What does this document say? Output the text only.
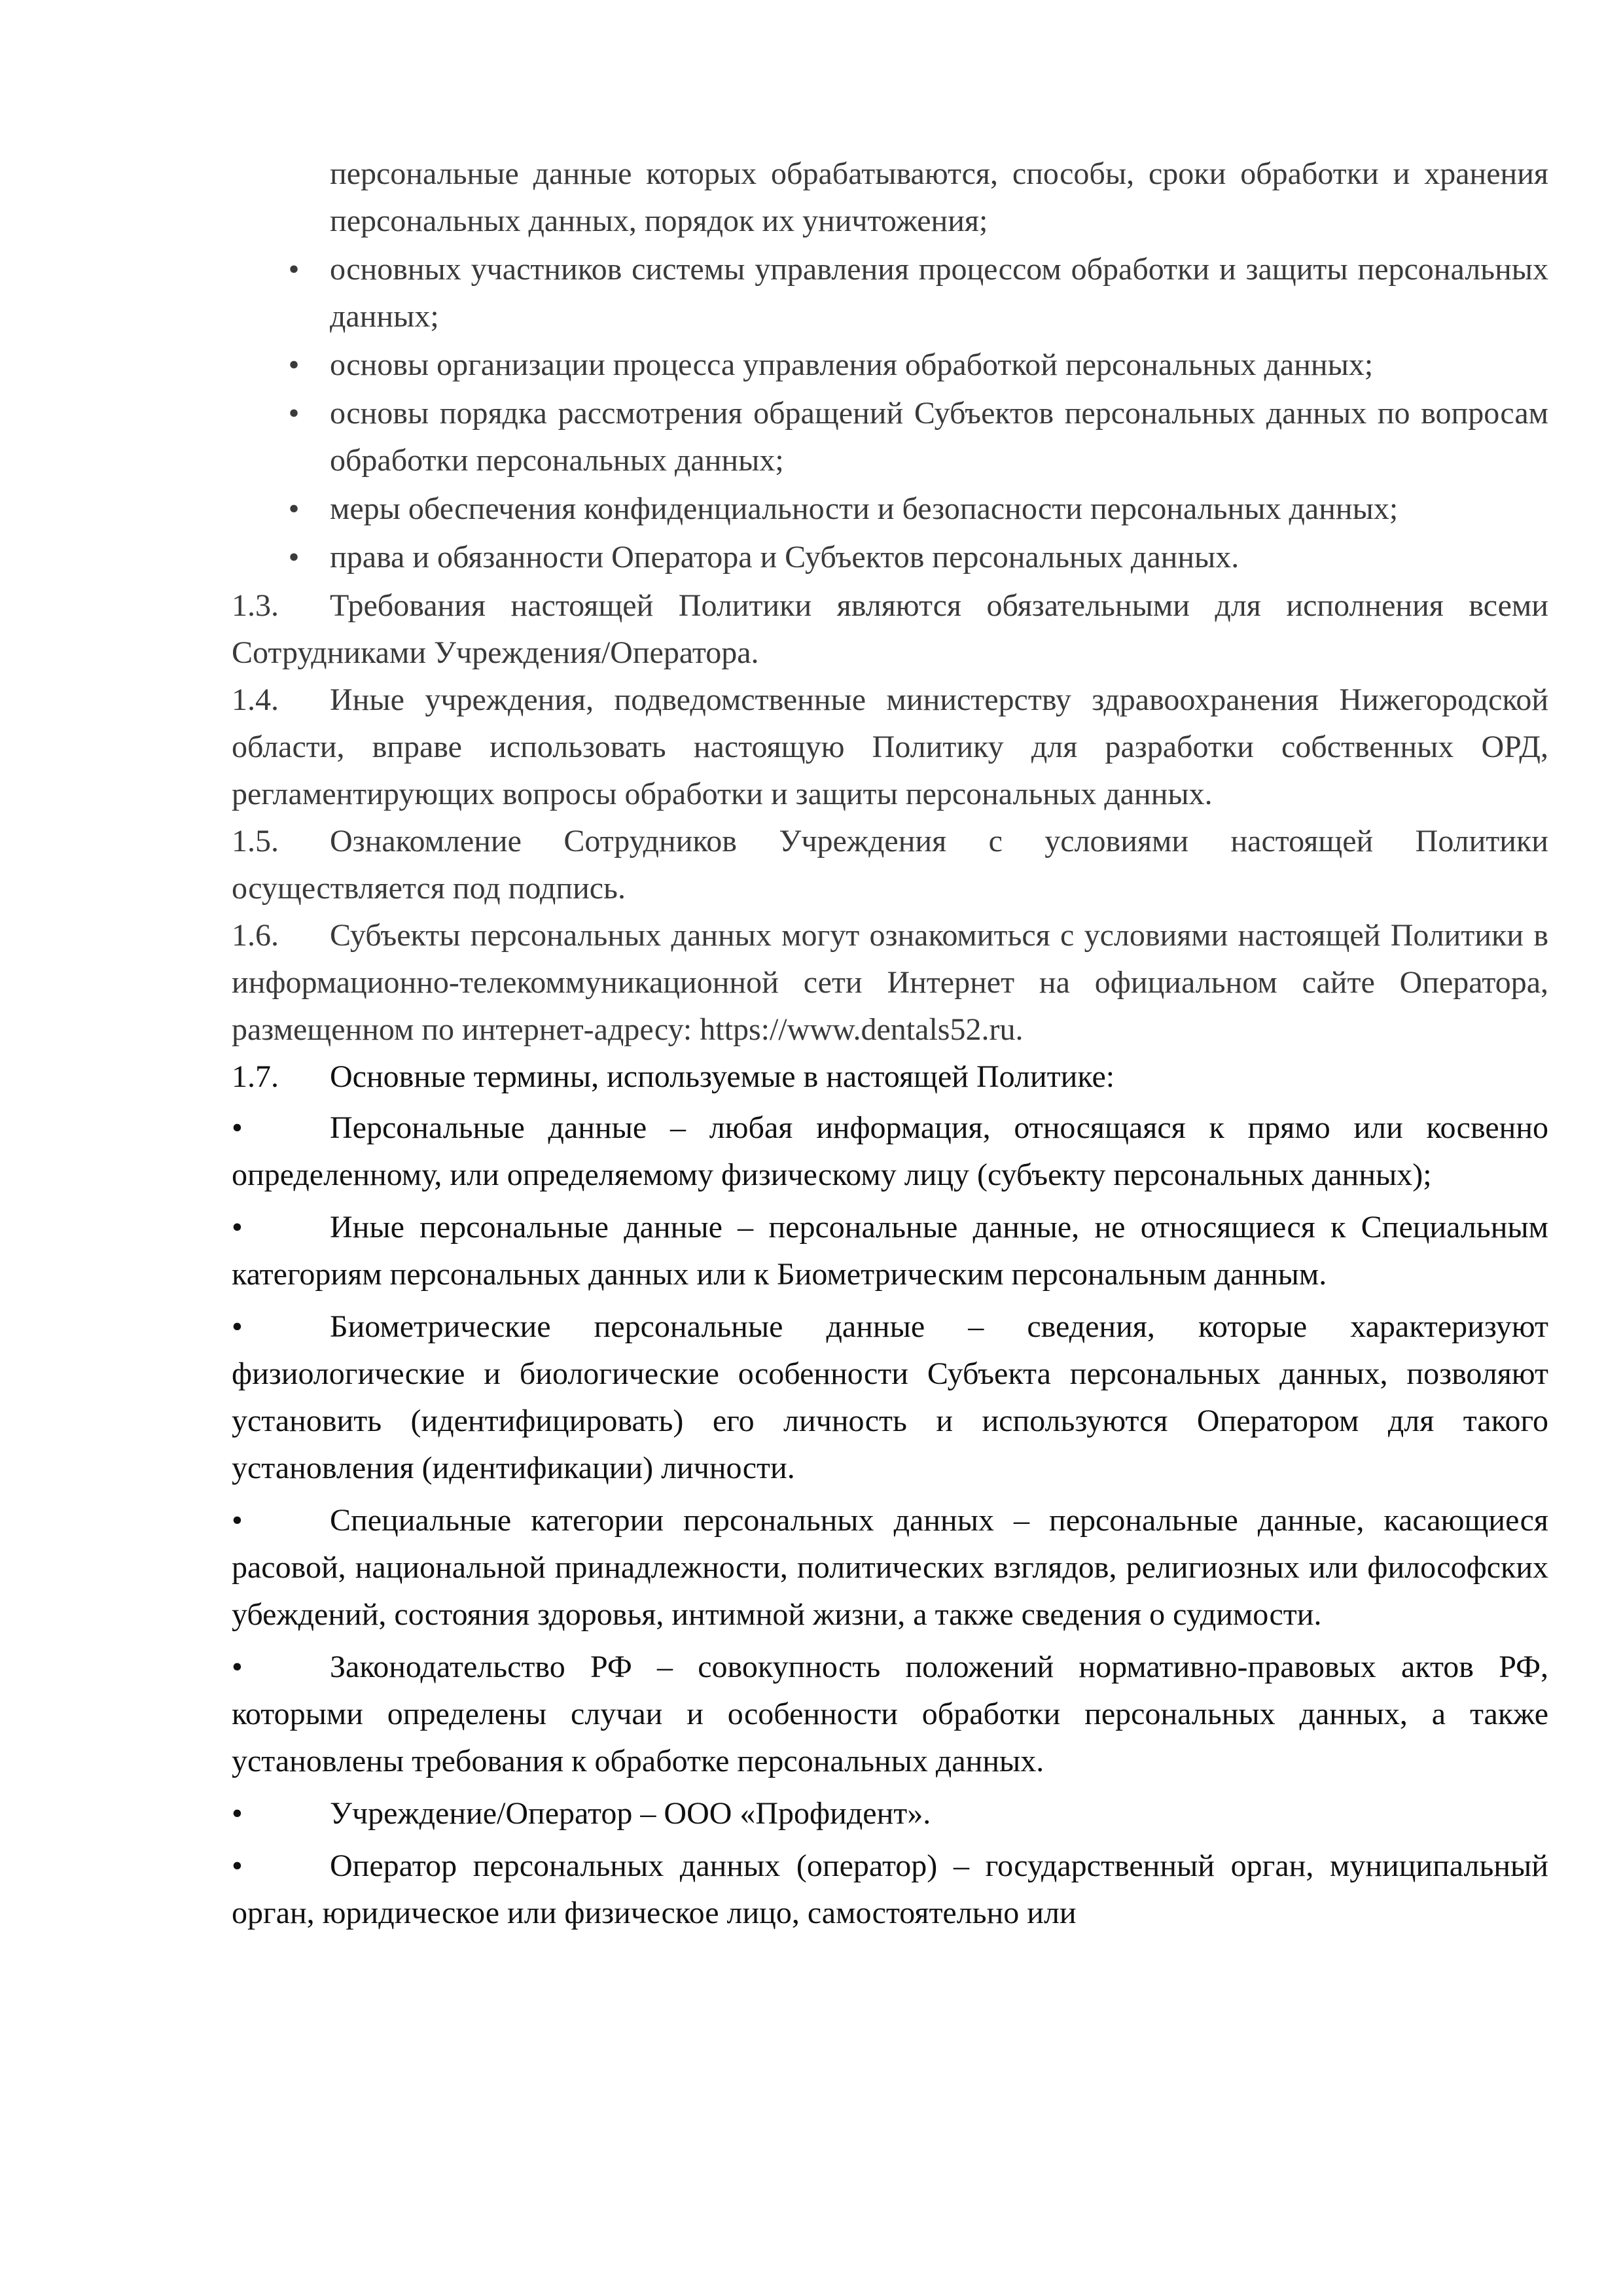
персональные данные которых обрабатываются, способы, сроки обработки и хранения персональных данных, порядок их уничтожения;

• основных участников системы управления процессом обработки и защиты персональных данных;
• основы организации процесса управления обработкой персональных данных;
• основы порядка рассмотрения обращений Субъектов персональных данных по вопросам обработки персональных данных;
• меры обеспечения конфиденциальности и безопасности персональных данных;
• права и обязанности Оператора и Субъектов персональных данных.

1.3. Требования настоящей Политики являются обязательными для исполнения всеми Сотрудниками Учреждения/Оператора.

1.4. Иные учреждения, подведомственные министерству здравоохранения Нижегородской области, вправе использовать настоящую Политику для разработки собственных ОРД, регламентирующих вопросы обработки и защиты персональных данных.

1.5. Ознакомление Сотрудников Учреждения с условиями настоящей Политики осуществляется под подпись.

1.6. Субъекты персональных данных могут ознакомиться с условиями настоящей Политики в информационно-телекоммуникационной сети Интернет на официальном сайте Оператора, размещенном по интернет-адресу: https://www.dentals52.ru.

1.7. Основные термины, используемые в настоящей Политике:

•	Персональные данные – любая информация, относящаяся к прямо или косвенно определенному, или определяемому физическому лицу (субъекту персональных данных);

•	Иные персональные данные – персональные данные, не относящиеся к Специальным категориям персональных данных или к Биометрическим персональным данным.

•	Биометрические персональные данные – сведения, которые характеризуют физиологические и биологические особенности Субъекта персональных данных, позволяют установить (идентифицировать) его личность и используются Оператором для такого установления (идентификации) личности.

•	Специальные категории персональных данных – персональные данные, касающиеся расовой, национальной принадлежности, политических взглядов, религиозных или философских убеждений, состояния здоровья, интимной жизни, а также сведения о судимости.

•	Законодательство РФ – совокупность положений нормативно-правовых актов РФ, которыми определены случаи и особенности обработки персональных данных, а также установлены требования к обработке персональных данных.

•	Учреждение/Оператор – ООО «Профидент».

•	Оператор персональных данных (оператор) – государственный орган, муниципальный орган, юридическое или физическое лицо, самостоятельно или
